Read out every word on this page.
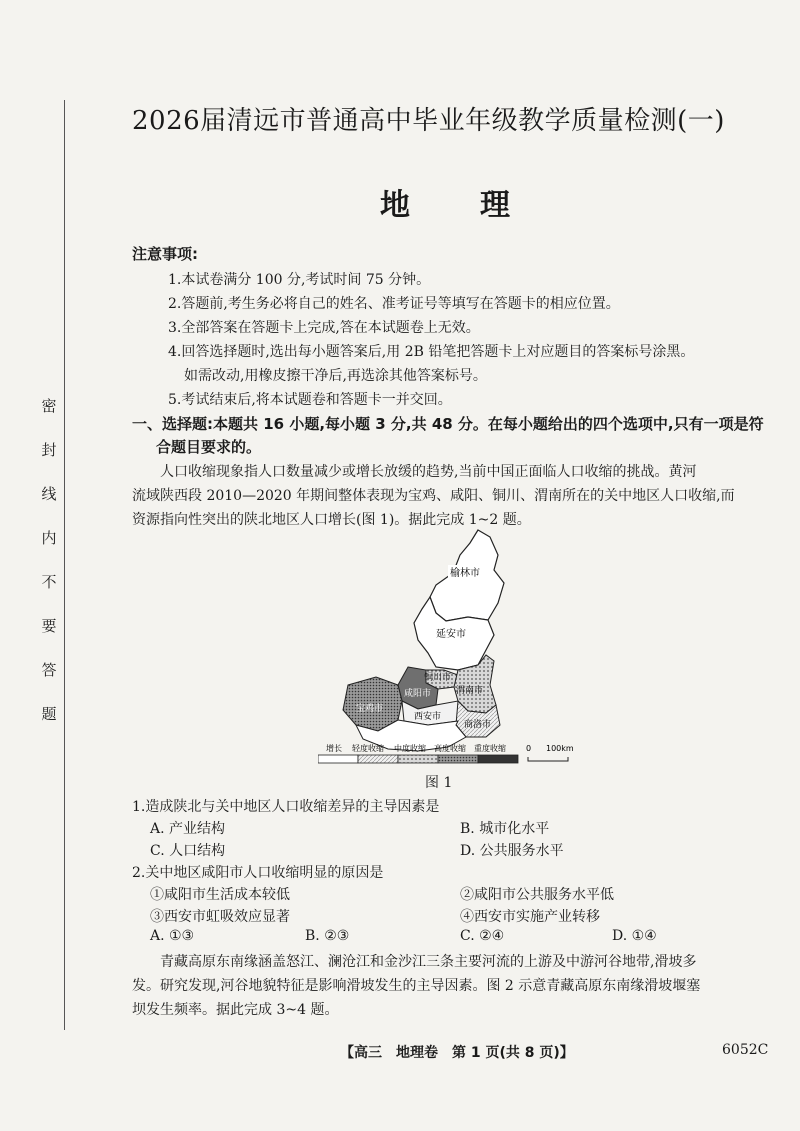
密
封
线
内
不
要
答
题
2026届清远市普通高中毕业年级教学质量检测(一)
地理
注意事项:
1.本试卷满分 100 分,考试时间 75 分钟。
2.答题前,考生务必将自己的姓名、准考证号等填写在答题卡的相应位置。
3.全部答案在答题卡上完成,答在本试题卷上无效。
4.回答选择题时,选出每小题答案后,用 2B 铅笔把答题卡上对应题目的答案标号涂黑。
如需改动,用橡皮擦干净后,再选涂其他答案标号。
5.考试结束后,将本试题卷和答题卡一并交回。
一、选择题:本题共 16 小题,每小题 3 分,共 48 分。在每小题给出的四个选项中,只有一项是符
合题目要求的。

人口收缩现象指人口数量减少或增长放缓的趋势,当前中国正面临人口收缩的挑战。黄河

流域陕西段 2010—2020 年期间整体表现为宝鸡、咸阳、铜川、渭南所在的关中地区人口收缩,而

资源指向性突出的陕北地区人口增长(图 1)。据此完成 1~2 题。

榆林市
延安市
铜川市
咸阳市	渭南市
宝鸡市
西安市
商洛市
增长 轻度收缩 中度收缩 高度收缩 重度收缩	0 100km
图 1
1.造成陕北与关中地区人口收缩差异的主导因素是
A. 产业结构	B. 城市化水平
C. 人口结构	D. 公共服务水平
2.关中地区咸阳市人口收缩明显的原因是
①咸阳市生活成本较低	②咸阳市公共服务水平低
③西安市虹吸效应显著	④西安市实施产业转移
A. ①③	B. ②③	C. ②④	D. ①④

青藏高原东南缘涵盖怒江、澜沧江和金沙江三条主要河流的上游及中游河谷地带,滑坡多

发。研究发现,河谷地貌特征是影响滑坡发生的主导因素。图 2 示意青藏高原东南缘滑坡堰塞

坝发生频率。据此完成 3~4 题。

【高三　地理卷　第 1 页(共 8 页)】	6052C
